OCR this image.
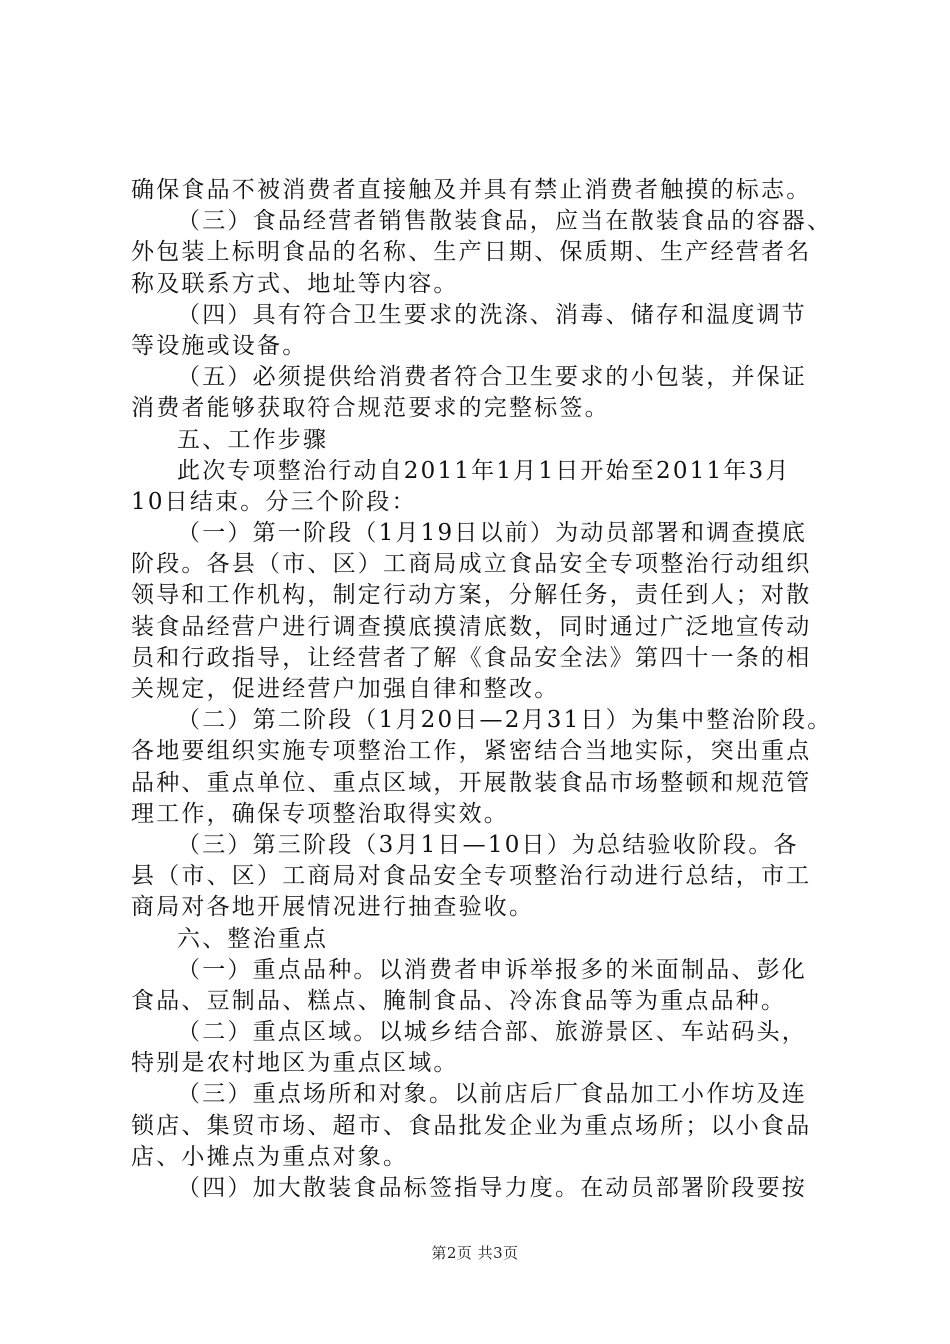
确保食品不被消费者直接触及并具有禁止消费者触摸的标志。
（三）食品经营者销售散装食品，应当在散装食品的容器、
外包装上标明食品的名称、生产日期、保质期、生产经营者名
称及联系方式、地址等内容。
（四）具有符合卫生要求的洗涤、消毒、储存和温度调节
等设施或设备。
（五）必须提供给消费者符合卫生要求的小包装，并保证
消费者能够获取符合规范要求的完整标签。
五、工作步骤
此次专项整治行动自2011年1月1日开始至2011年3月
10日结束。分三个阶段：
（一）第一阶段（1月19日以前）为动员部署和调查摸底
阶段。各县（市、区）工商局成立食品安全专项整治行动组织
领导和工作机构，制定行动方案，分解任务，责任到人；对散
装食品经营户进行调查摸底摸清底数，同时通过广泛地宣传动
员和行政指导，让经营者了解《食品安全法》第四十一条的相
关规定，促进经营户加强自律和整改。
（二）第二阶段（1月20日—2月31日）为集中整治阶段。
各地要组织实施专项整治工作，紧密结合当地实际，突出重点
品种、重点单位、重点区域，开展散装食品市场整顿和规范管
理工作，确保专项整治取得实效。
（三）第三阶段（3月1日—10日）为总结验收阶段。各
县（市、区）工商局对食品安全专项整治行动进行总结，市工
商局对各地开展情况进行抽查验收。
六、整治重点
（一）重点品种。以消费者申诉举报多的米面制品、彭化
食品、豆制品、糕点、腌制食品、冷冻食品等为重点品种。
（二）重点区域。以城乡结合部、旅游景区、车站码头，
特别是农村地区为重点区域。
（三）重点场所和对象。以前店后厂食品加工小作坊及连
锁店、集贸市场、超市、食品批发企业为重点场所；以小食品
店、小摊点为重点对象。
（四）加大散装食品标签指导力度。在动员部署阶段要按
第2页 共3页
